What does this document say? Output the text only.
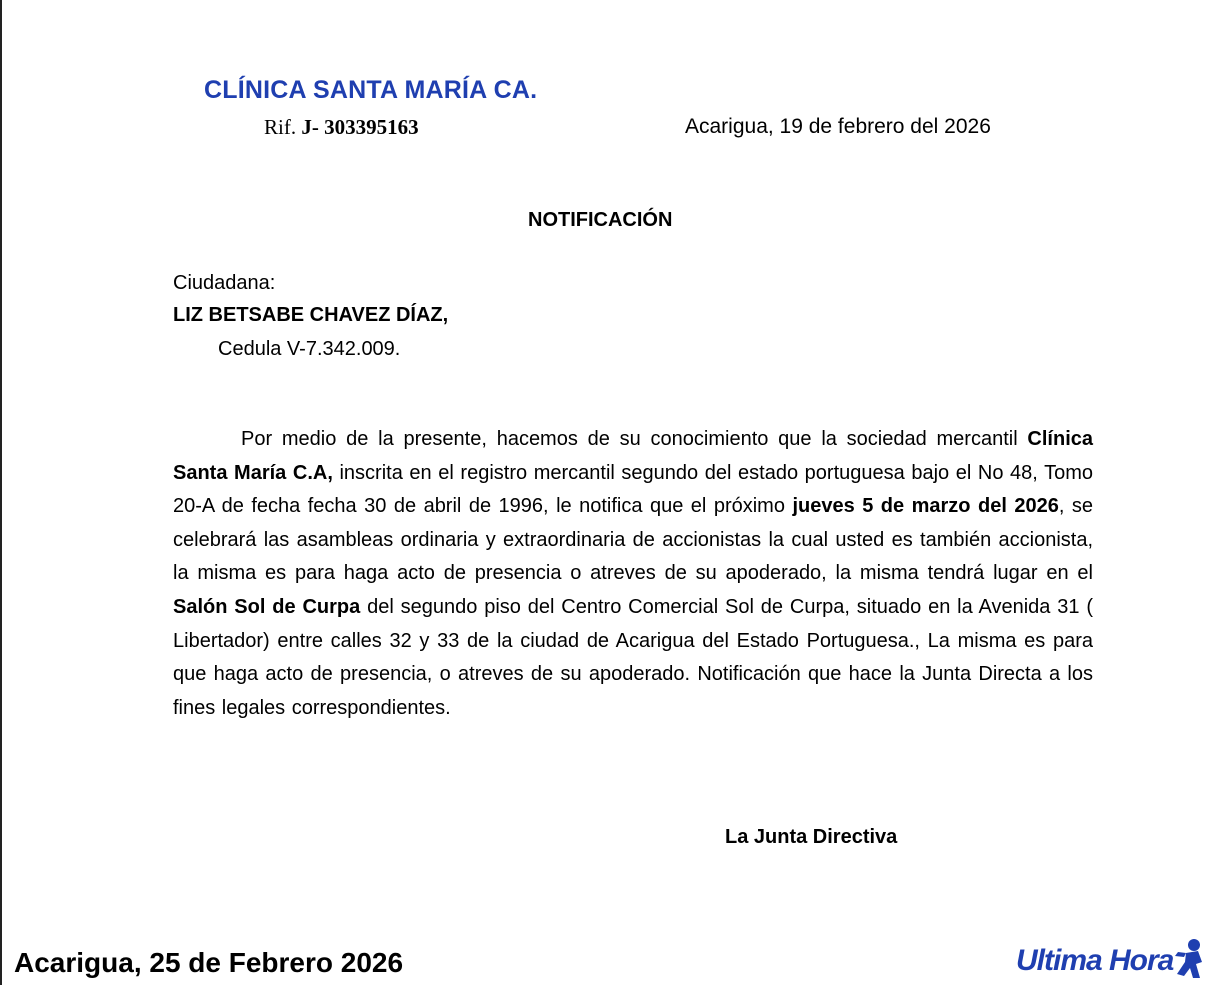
CLÍNICA SANTA MARÍA CA.
Rif. J- 303395163	Acarigua, 19 de febrero del 2026
NOTIFICACIÓN
Ciudadana:
LIZ BETSABE CHAVEZ DÍAZ,
Cedula V-7.342.009.
Por medio de la presente, hacemos de su conocimiento que la sociedad mercantil Clínica Santa María C.A, inscrita en el registro mercantil segundo del estado portuguesa bajo el No 48, Tomo 20-A de fecha fecha 30 de abril de 1996, le notifica que el próximo jueves 5 de marzo del 2026, se celebrará las asambleas ordinaria y extraordinaria de accionistas la cual usted es también accionista, la misma es para haga acto de presencia o atreves de su apoderado, la misma tendrá lugar en el Salón Sol de Curpa del segundo piso del Centro Comercial Sol de Curpa, situado en la Avenida 31 ( Libertador) entre calles 32 y 33 de la ciudad de Acarigua del Estado Portuguesa., La misma es para que haga acto de presencia, o atreves de su apoderado. Notificación que hace la Junta Directa a los fines legales correspondientes.
La Junta Directiva
Acarigua, 25 de Febrero 2026	Ultima Hora
